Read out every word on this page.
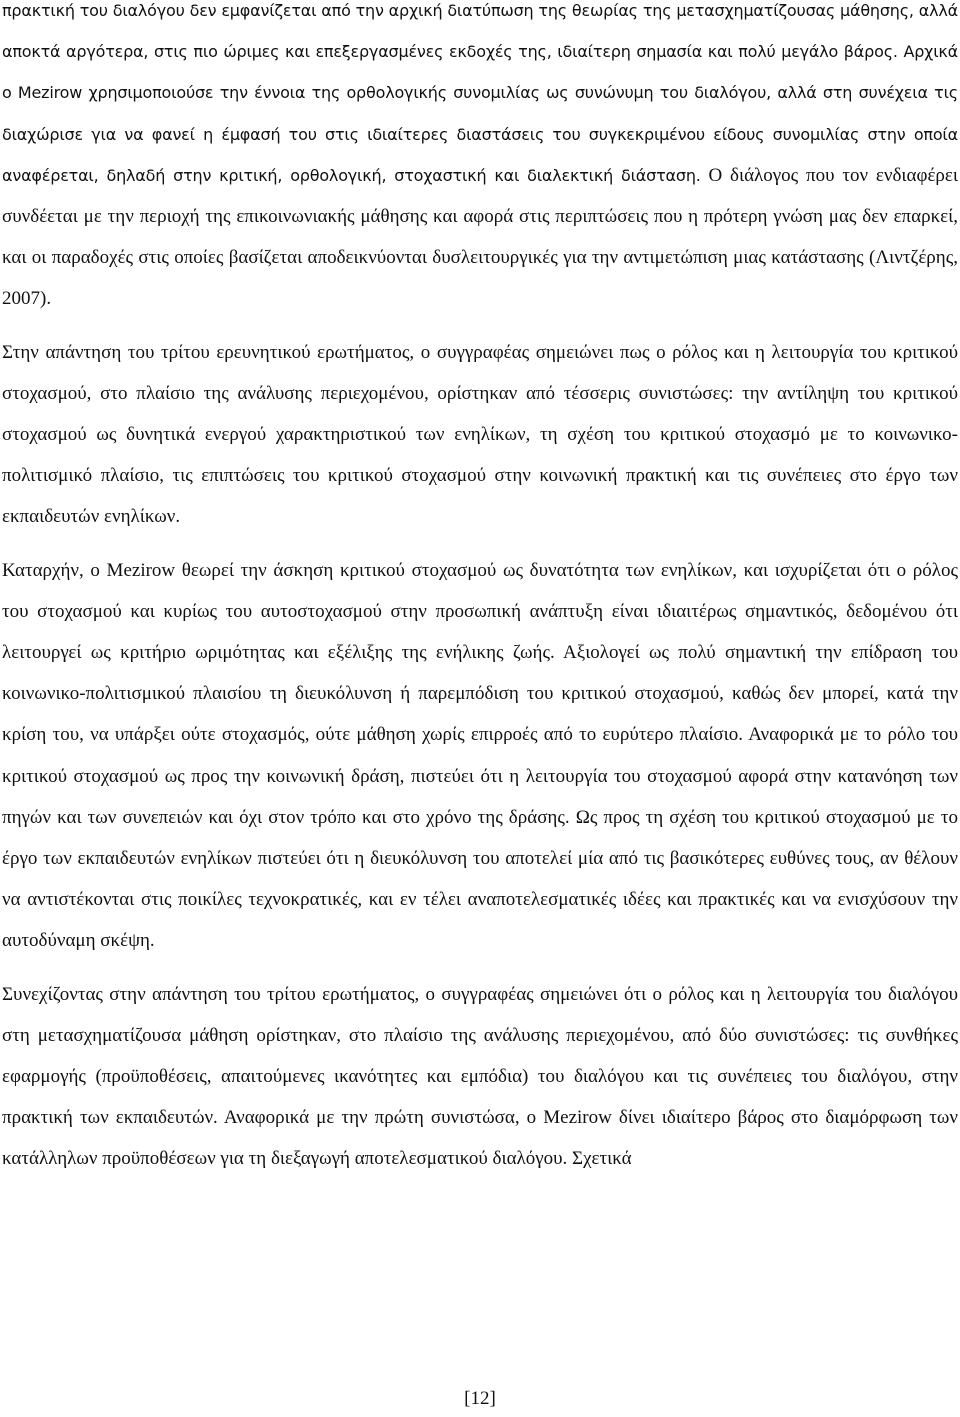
πρακτική του διαλόγου δεν εμφανίζεται από την αρχική διατύπωση της θεωρίας της μετασχηματίζουσας μάθησης, αλλά αποκτά αργότερα, στις πιο ώριμες και επεξεργασμένες εκδοχές της, ιδιαίτερη σημασία και πολύ μεγάλο βάρος. Αρχικά ο Mezirow χρησιμοποιούσε την έννοια της ορθολογικής συνομιλίας ως συνώνυμη του διαλόγου, αλλά στη συνέχεια τις διαχώρισε για να φανεί η έμφασή του στις ιδιαίτερες διαστάσεις του συγκεκριμένου είδους συνομιλίας στην οποία αναφέρεται, δηλαδή στην κριτική, ορθολογική, στοχαστική και διαλεκτική διάσταση. Ο διάλογος που τον ενδιαφέρει συνδέεται με την περιοχή της επικοινωνιακής μάθησης και αφορά στις περιπτώσεις που η πρότερη γνώση μας δεν επαρκεί, και οι παραδοχές στις οποίες βασίζεται αποδεικνύονται δυσλειτουργικές για την αντιμετώπιση μιας κατάστασης (Λιντζέρης, 2007).

Στην απάντηση του τρίτου ερευνητικού ερωτήματος, ο συγγραφέας σημειώνει πως ο ρόλος και η λειτουργία του κριτικού στοχασμού, στο πλαίσιο της ανάλυσης περιεχομένου, ορίστηκαν από τέσσερις συνιστώσες: την αντίληψη του κριτικού στοχασμού ως δυνητικά ενεργού χαρακτηριστικού των ενηλίκων, τη σχέση του κριτικού στοχασμό με το κοινωνικο-πολιτισμικό πλαίσιο, τις επιπτώσεις του κριτικού στοχασμού στην κοινωνική πρακτική και τις συνέπειες στο έργο των εκπαιδευτών ενηλίκων.

Καταρχήν, ο Mezirow θεωρεί την άσκηση κριτικού στοχασμού ως δυνατότητα των ενηλίκων, και ισχυρίζεται ότι ο ρόλος του στοχασμού και κυρίως του αυτοστοχασμού στην προσωπική ανάπτυξη είναι ιδιαιτέρως σημαντικός, δεδομένου ότι λειτουργεί ως κριτήριο ωριμότητας και εξέλιξης της ενήλικης ζωής. Αξιολογεί ως πολύ σημαντική την επίδραση του κοινωνικο-πολιτισμικού πλαισίου τη διευκόλυνση ή παρεμπόδιση του κριτικού στοχασμού, καθώς δεν μπορεί, κατά την κρίση του, να υπάρξει ούτε στοχασμός, ούτε μάθηση χωρίς επιρροές από το ευρύτερο πλαίσιο. Αναφορικά με το ρόλο του κριτικού στοχασμού ως προς την κοινωνική δράση, πιστεύει ότι η λειτουργία του στοχασμού αφορά στην κατανόηση των πηγών και των συνεπειών και όχι στον τρόπο και στο χρόνο της δράσης. Ως προς τη σχέση του κριτικού στοχασμού με το έργο των εκπαιδευτών ενηλίκων πιστεύει ότι η διευκόλυνση του αποτελεί μία από τις βασικότερες ευθύνες τους, αν θέλουν να αντιστέκονται στις ποικίλες τεχνοκρατικές, και εν τέλει αναποτελεσματικές ιδέες και πρακτικές και να ενισχύσουν την αυτοδύναμη σκέψη.

Συνεχίζοντας στην απάντηση του τρίτου ερωτήματος, ο συγγραφέας σημειώνει ότι ο ρόλος και η λειτουργία του διαλόγου στη μετασχηματίζουσα μάθηση ορίστηκαν, στο πλαίσιο της ανάλυσης περιεχομένου, από δύο συνιστώσες: τις συνθήκες εφαρμογής (προϋποθέσεις, απαιτούμενες ικανότητες και εμπόδια) του διαλόγου και τις συνέπειες του διαλόγου, στην πρακτική των εκπαιδευτών. Αναφορικά με την πρώτη συνιστώσα, ο Mezirow δίνει ιδιαίτερο βάρος στο διαμόρφωση των κατάλληλων προϋποθέσεων για τη διεξαγωγή αποτελεσματικού διαλόγου. Σχετικά

[12]
